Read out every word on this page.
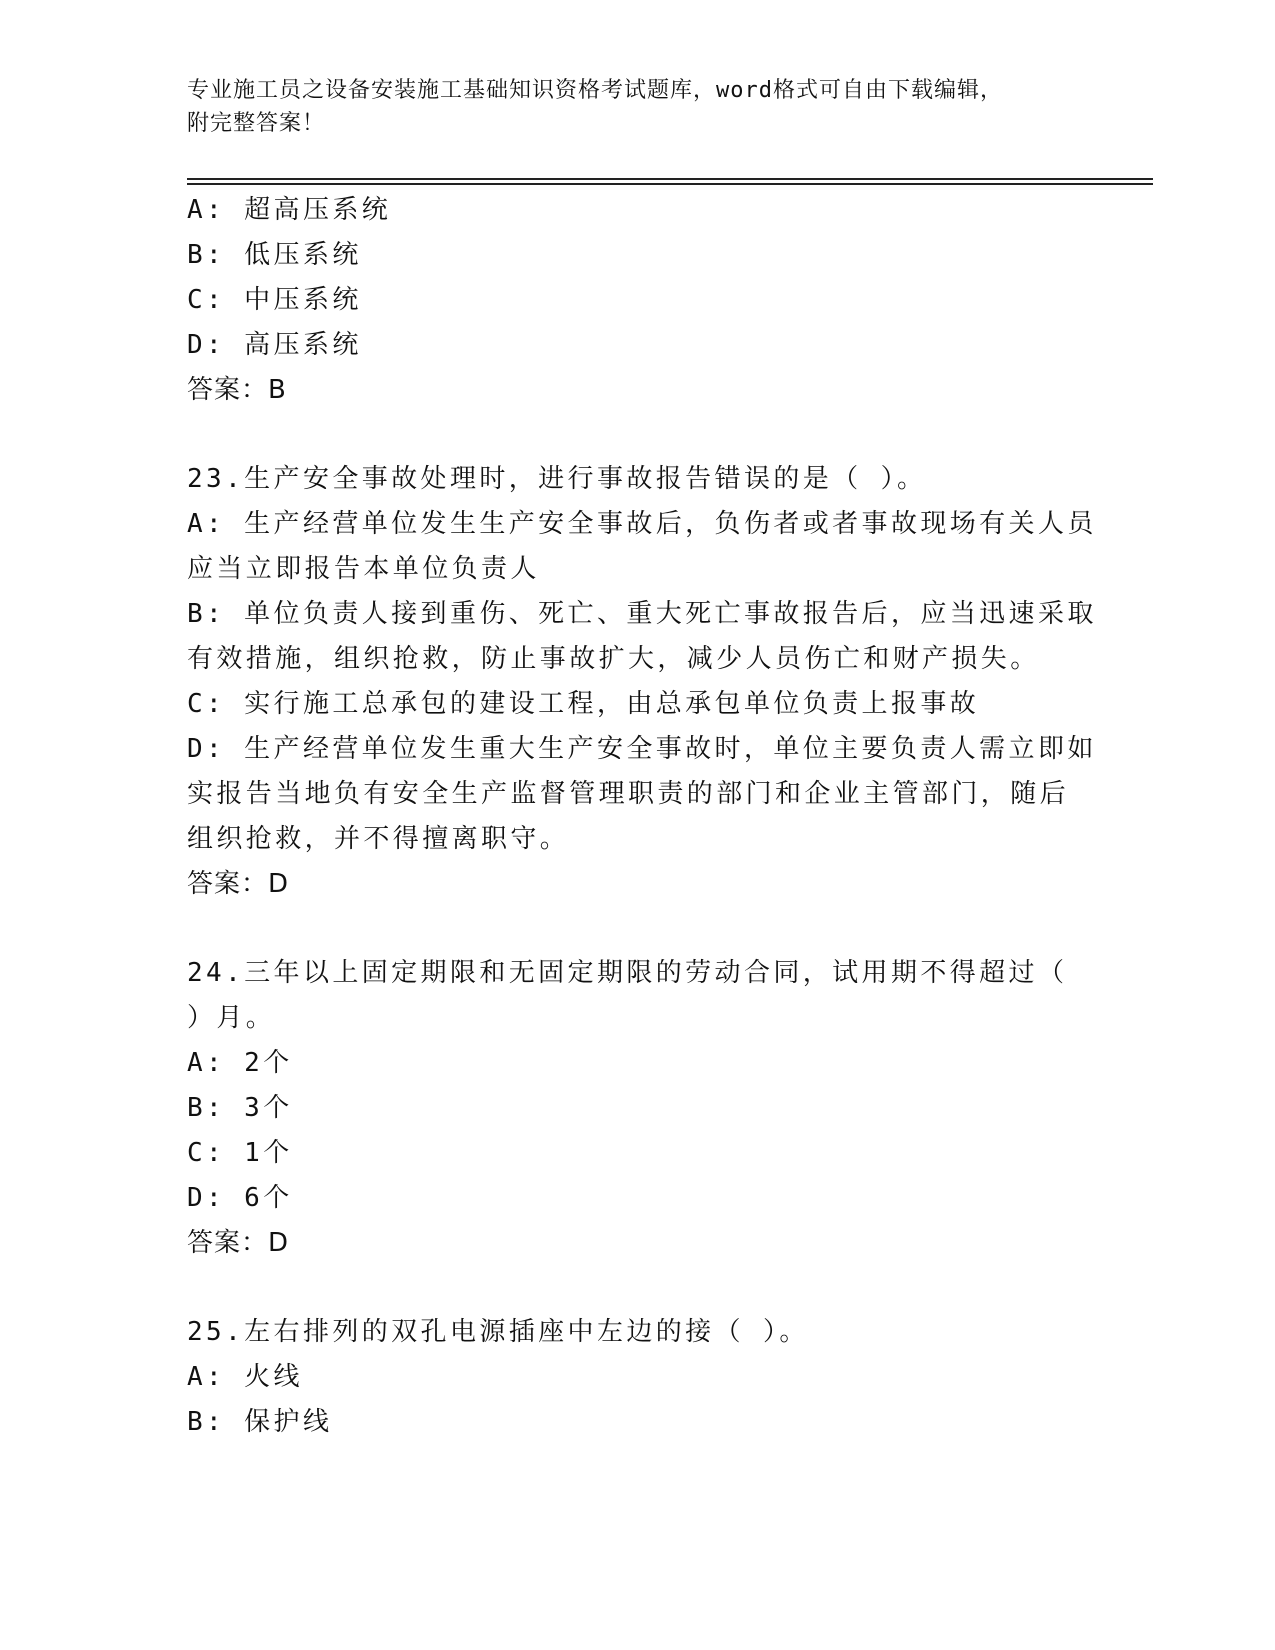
专业施工员之设备安装施工基础知识资格考试题库，word格式可自由下载编辑，
附完整答案！
A: 超高压系统
B: 低压系统
C: 中压系统
D: 高压系统
答案：B
23.生产安全事故处理时，进行事故报告错误的是（ ）。
A: 生产经营单位发生生产安全事故后，负伤者或者事故现场有关人员
应当立即报告本单位负责人
B: 单位负责人接到重伤、死亡、重大死亡事故报告后，应当迅速采取
有效措施，组织抢救，防止事故扩大，减少人员伤亡和财产损失。
C: 实行施工总承包的建设工程，由总承包单位负责上报事故
D: 生产经营单位发生重大生产安全事故时，单位主要负责人需立即如
实报告当地负有安全生产监督管理职责的部门和企业主管部门，随后
组织抢救，并不得擅离职守。
答案：D
24.三年以上固定期限和无固定期限的劳动合同，试用期不得超过（
）月。
A: 2个
B: 3个
C: 1个
D: 6个
答案：D
25.左右排列的双孔电源插座中左边的接（ ）。
A: 火线
B: 保护线
